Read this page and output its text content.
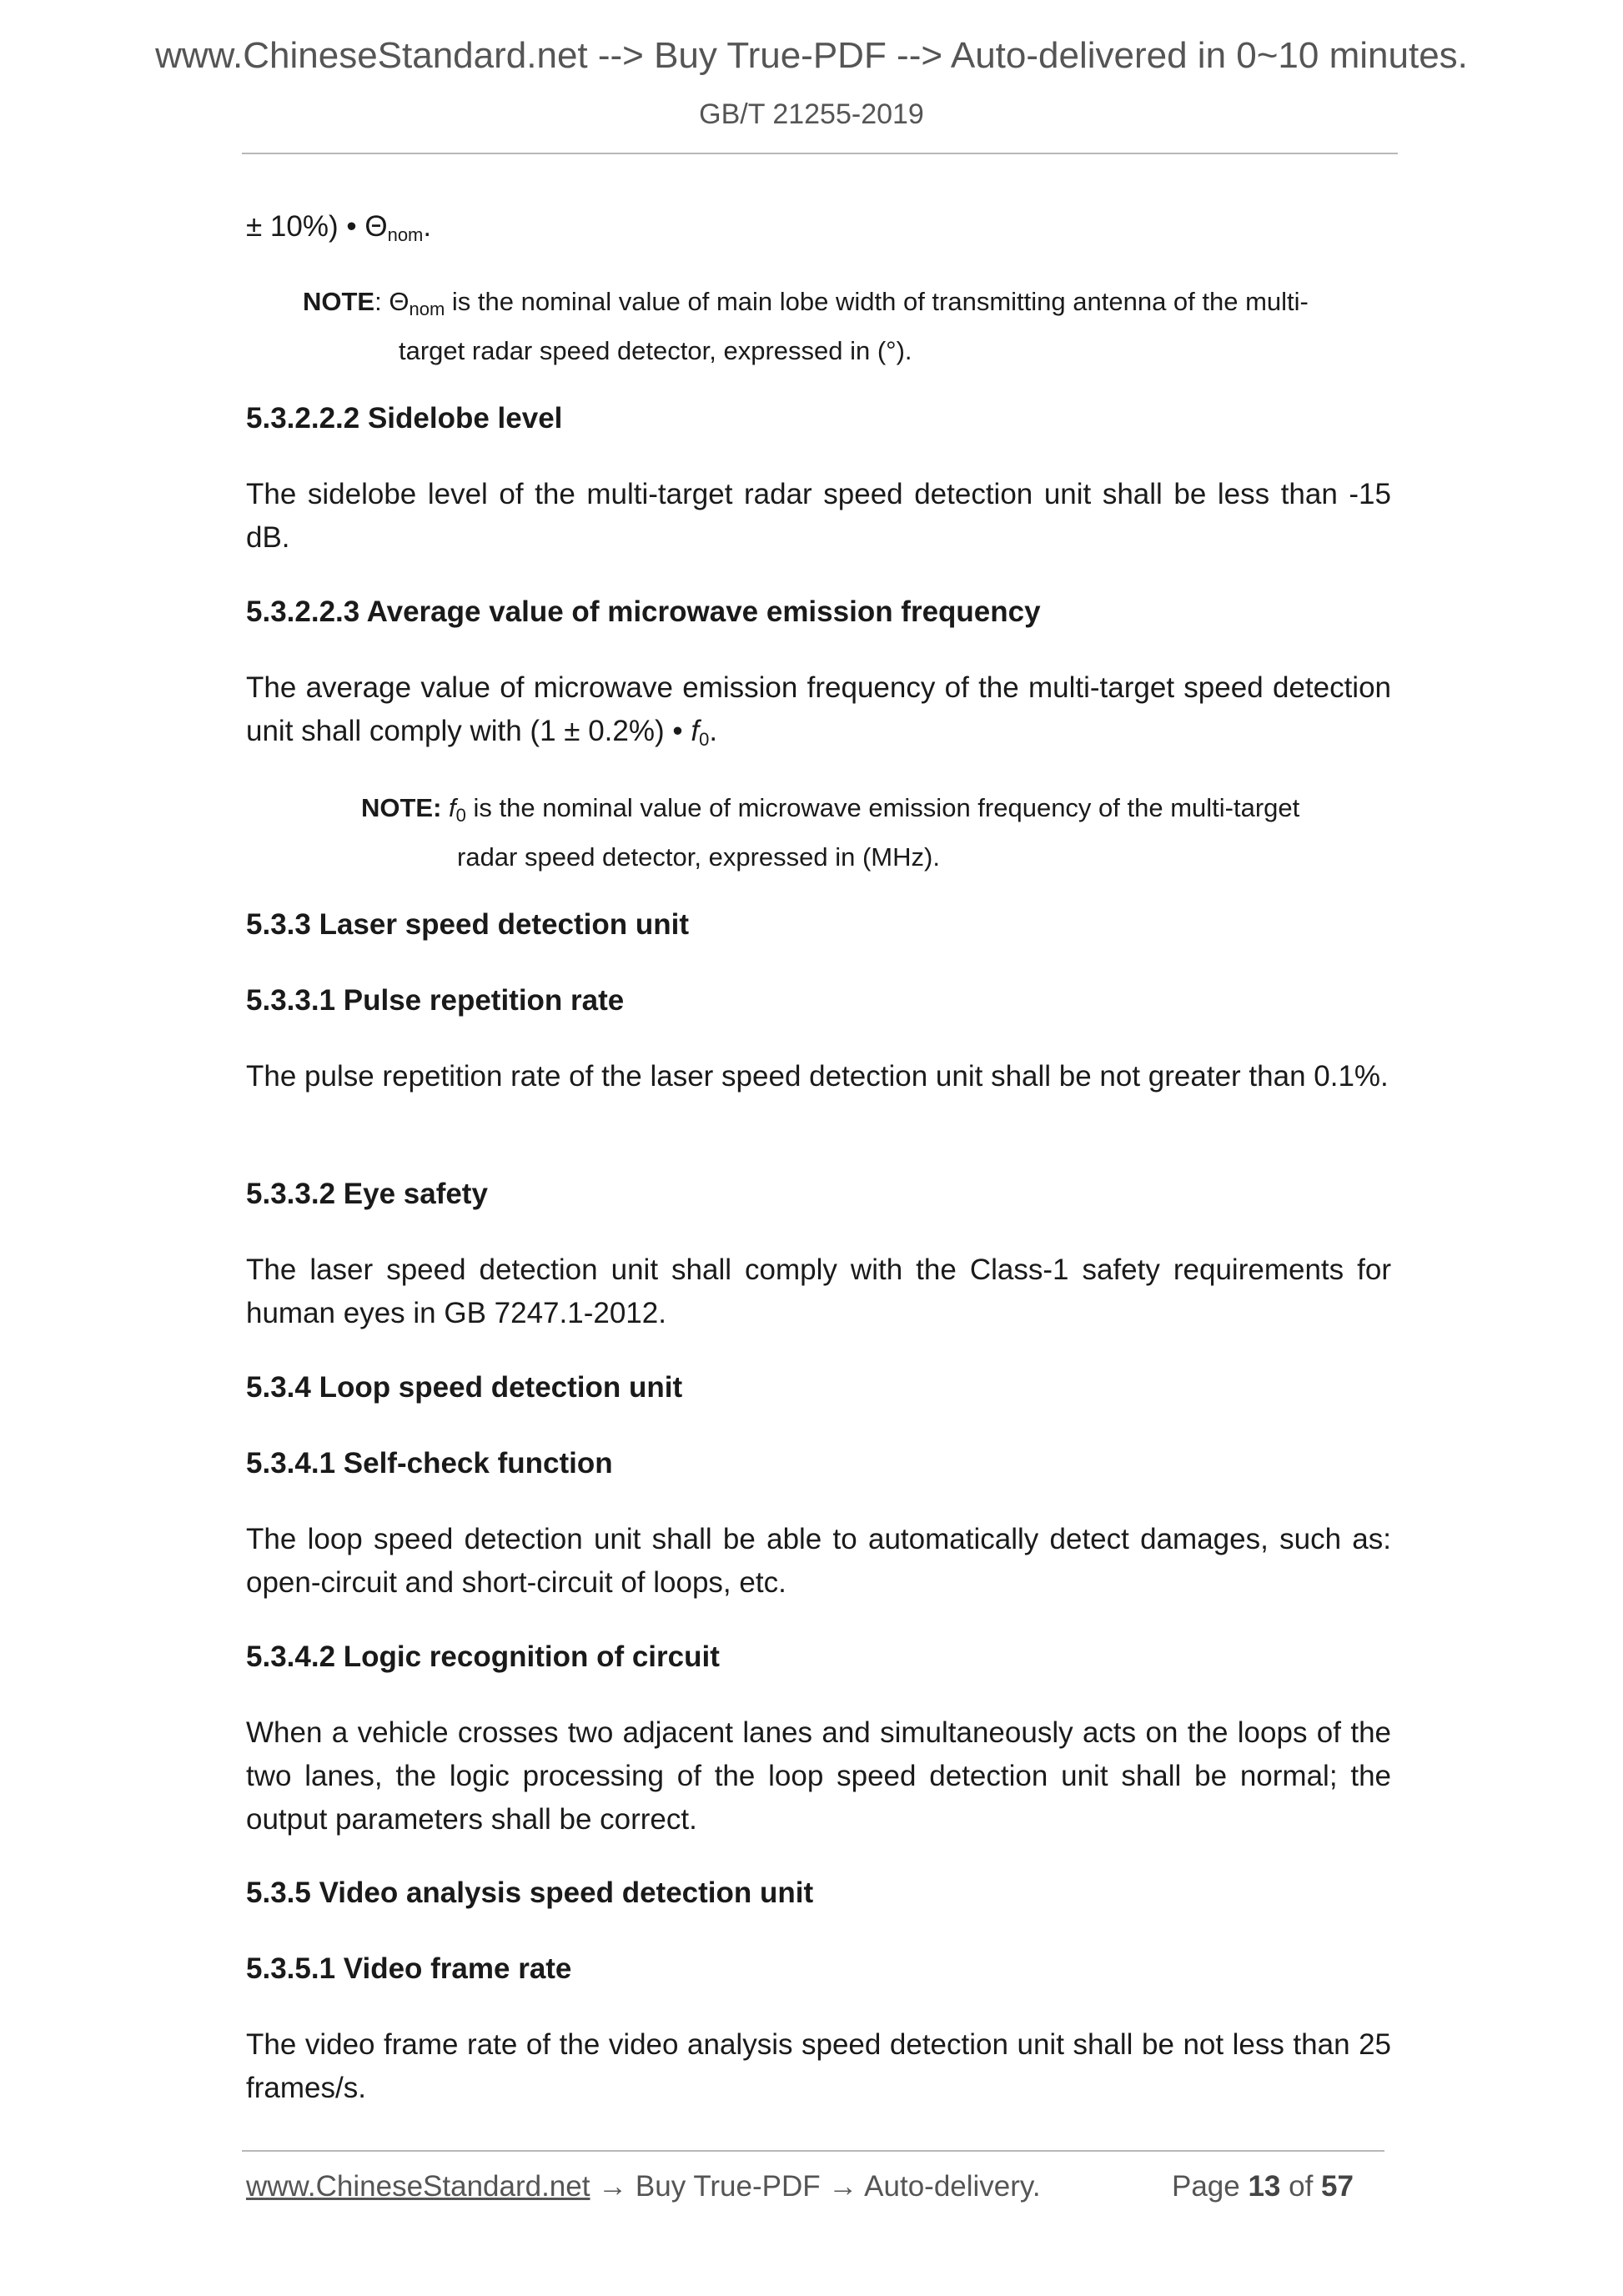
www.ChineseStandard.net --> Buy True-PDF --> Auto-delivered in 0~10 minutes.
GB/T 21255-2019
± 10%) • $\Theta_{nom}$.
NOTE: $\Theta_{nom}$ is the nominal value of main lobe width of transmitting antenna of the multi-
target radar speed detector, expressed in (°).
5.3.2.2.2 Sidelobe level
The sidelobe level of the multi-target radar speed detection unit shall be less than -15 dB.
5.3.2.2.3 Average value of microwave emission frequency
The average value of microwave emission frequency of the multi-target speed detection unit shall comply with (1 ± 0.2%) • $f_0$.
NOTE: $f_0$ is the nominal value of microwave emission frequency of the multi-target
radar speed detector, expressed in (MHz).
5.3.3 Laser speed detection unit
5.3.3.1 Pulse repetition rate
The pulse repetition rate of the laser speed detection unit shall be not greater than 0.1%.
5.3.3.2 Eye safety
The laser speed detection unit shall comply with the Class-1 safety requirements for human eyes in GB 7247.1-2012.
5.3.4 Loop speed detection unit
5.3.4.1 Self-check function
The loop speed detection unit shall be able to automatically detect damages, such as: open-circuit and short-circuit of loops, etc.
5.3.4.2 Logic recognition of circuit
When a vehicle crosses two adjacent lanes and simultaneously acts on the loops of the two lanes, the logic processing of the loop speed detection unit shall be normal; the output parameters shall be correct.
5.3.5 Video analysis speed detection unit
5.3.5.1 Video frame rate
The video frame rate of the video analysis speed detection unit shall be not less than 25 frames/s.
www.ChineseStandard.net → Buy True-PDF → Auto-delivery.	Page 13 of 57
